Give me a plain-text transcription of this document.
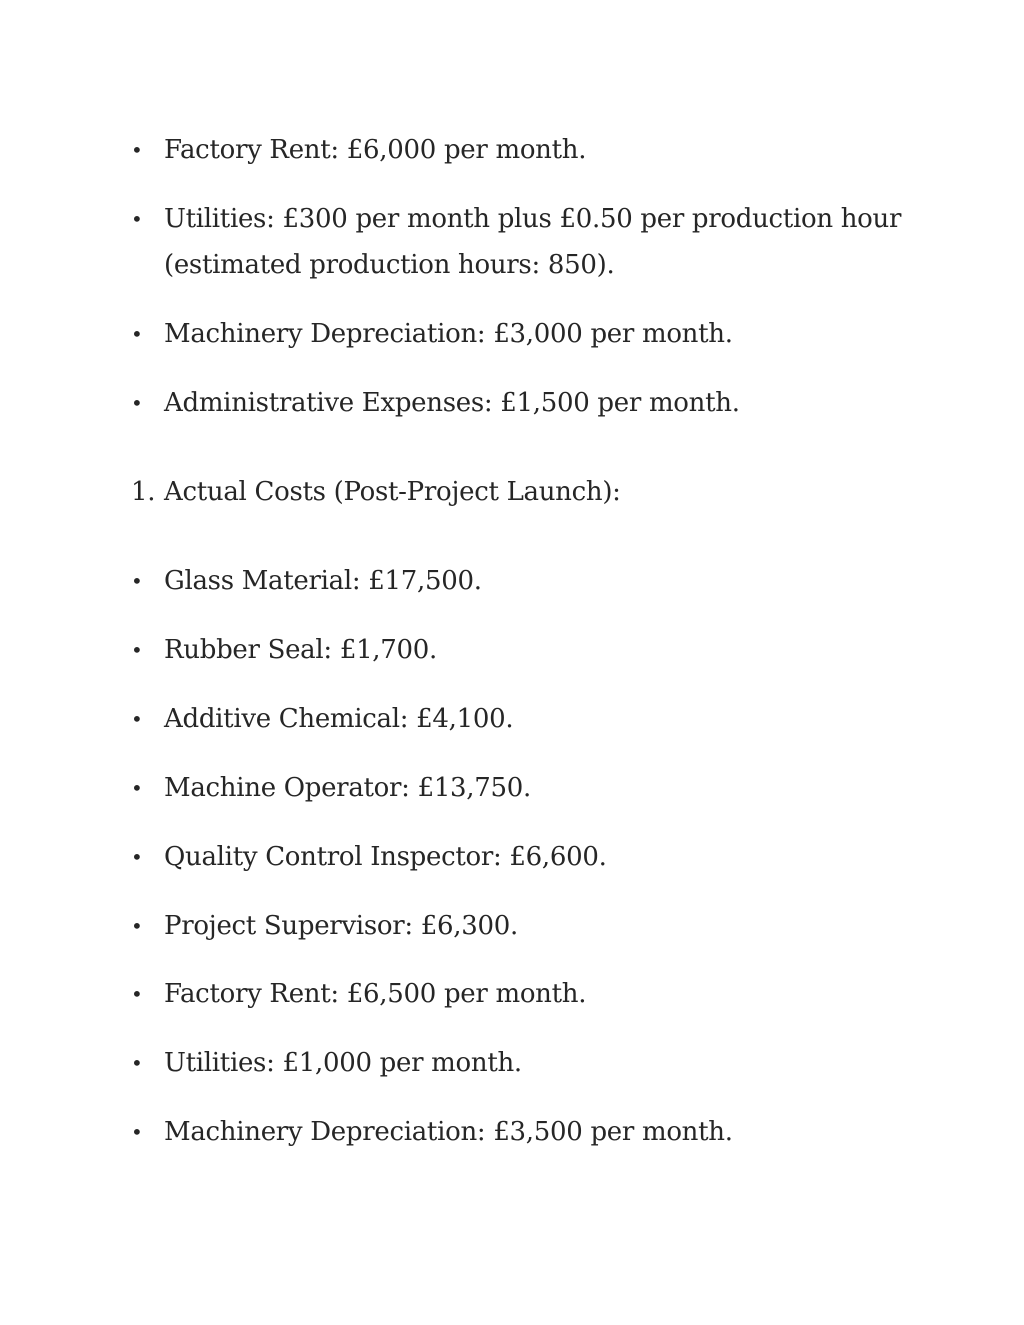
• Factory Rent: £6,000 per month.
• Utilities: £300 per month plus £0.50 per production hour (estimated production hours: 850).
• Machinery Depreciation: £3,000 per month.
• Administrative Expenses: £1,500 per month.
1. Actual Costs (Post-Project Launch):
• Glass Material: £17,500.
• Rubber Seal: £1,700.
• Additive Chemical: £4,100.
• Machine Operator: £13,750.
• Quality Control Inspector: £6,600.
• Project Supervisor: £6,300.
• Factory Rent: £6,500 per month.
• Utilities: £1,000 per month.
• Machinery Depreciation: £3,500 per month.
